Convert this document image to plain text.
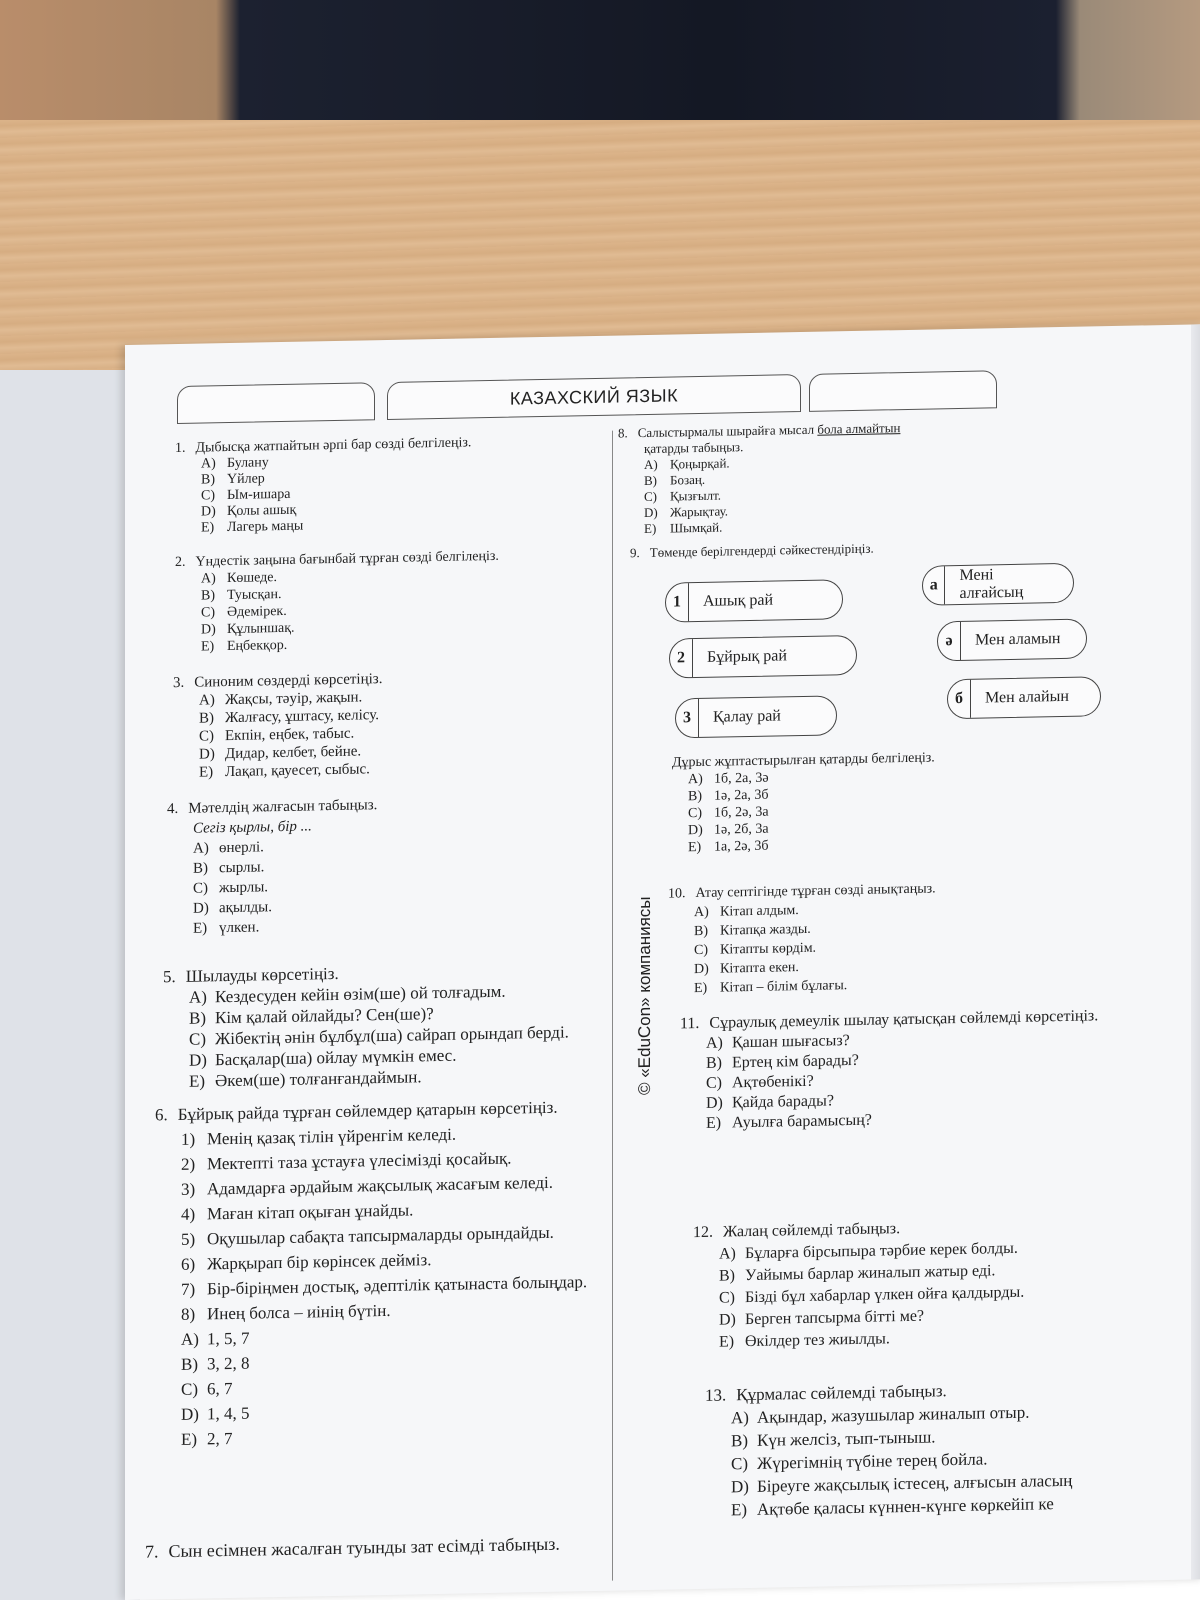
КАЗАХСКИЙ ЯЗЫК
© «EduCon» компаниясы
1. Дыбысқа жатпайтын әрпі бар сөзді белгілеңіз.
A) Булану
B) Үйлер
C) Ым-ишара
D) Қолы ашық
E) Лагерь маңы
2. Үндестік заңына бағынбай тұрған сөзді белгілеңіз.
A) Көшеде.
B) Туысқан.
C) Әдемірек.
D) Құлыншақ.
E) Еңбекқор.
3. Синоним сөздерді көрсетіңіз.
A) Жақсы, тәуір, жақын.
B) Жалғасу, ұштасу, келісу.
C) Екпін, еңбек, табыс.
D) Дидар, келбет, бейне.
E) Лақап, қауесет, сыбыс.
4. Мәтелдің жалғасын табыңыз.
Сегіз қырлы, бір ...
A) өнерлі.
B) сырлы.
C) жырлы.
D) ақылды.
E) үлкен.
5. Шылауды көрсетіңіз.
A) Кездесуден кейін өзім(ше) ой толғадым.
B) Кім қалай ойлайды? Сен(ше)?
C) Жібектің әнін бұлбұл(ша) сайрап орындап берді.
D) Басқалар(ша) ойлау мүмкін емес.
E) Әкем(ше) толғанғандаймын.
6. Бұйрық райда тұрған сөйлемдер қатарын көрсетіңіз.
1) Менің қазақ тілін үйренгім келеді.
2) Мектепті таза ұстауға үлесімізді қосайық.
3) Адамдарға әрдайым жақсылық жасағым келеді.
4) Маған кітап оқыған ұнайды.
5) Оқушылар сабақта тапсырмаларды орындайды.
6) Жарқырап бір көрінсек дейміз.
7) Бір-біріңмен достық, әдептілік қатынаста болыңдар.
8) Инең болса – иінің бүтін.
A) 1, 5, 7
B) 3, 2, 8
C) 6, 7
D) 1, 4, 5
E) 2, 7
7. Сын есімнен жасалған туынды зат есімді табыңыз.
8. Салыстырмалы шырайға мысал бола алмайтын
қатарды табыңыз.
A) Қоңырқай.
B) Бозаң.
C) Қызғылт.
D) Жарықтау.
E) Шымқай.
9. Төменде берілгендерді сәйкестендіріңіз.
1	Ашық рай
2	Бұйрық рай
3	Қалау рай
а
Мені алғайсың
ә	Мен аламын
б	Мен алайын
Дұрыс жұптастырылған қатарды белгілеңіз.
A) 1б, 2а, 3ә
B) 1ә, 2а, 3б
C) 1б, 2ә, 3а
D) 1ә, 2б, 3а
E) 1а, 2ә, 3б
10. Атау септігінде тұрған сөзді анықтаңыз.
A) Кітап алдым.
B) Кітапқа жазды.
C) Кітапты көрдім.
D) Кітапта екен.
E) Кітап – білім бұлағы.
11. Сұраулық демеулік шылау қатысқан сөйлемді көрсетіңіз.
A) Қашан шығасыз?
B) Ертең кім барады?
C) Ақтөбенікі?
D) Қайда барады?
E) Ауылға барамысың?
12. Жалаң сөйлемді табыңыз.
A) Бұларға бірсыпыра тәрбие керек болды.
B) Уайымы барлар жиналып жатыр еді.
C) Бізді бұл хабарлар үлкен ойға қалдырды.
D) Берген тапсырма бітті ме?
E) Өкілдер тез жиылды.
13. Құрмалас сөйлемді табыңыз.
A) Ақындар, жазушылар жиналып отыр.
B) Күн желсіз, тып-тыныш.
C) Жүрегімнің түбіне терең бойла.
D) Біреуге жақсылық істесең, алғысын аласың
E) Ақтөбе қаласы күннен-күнге көркейіп ке
